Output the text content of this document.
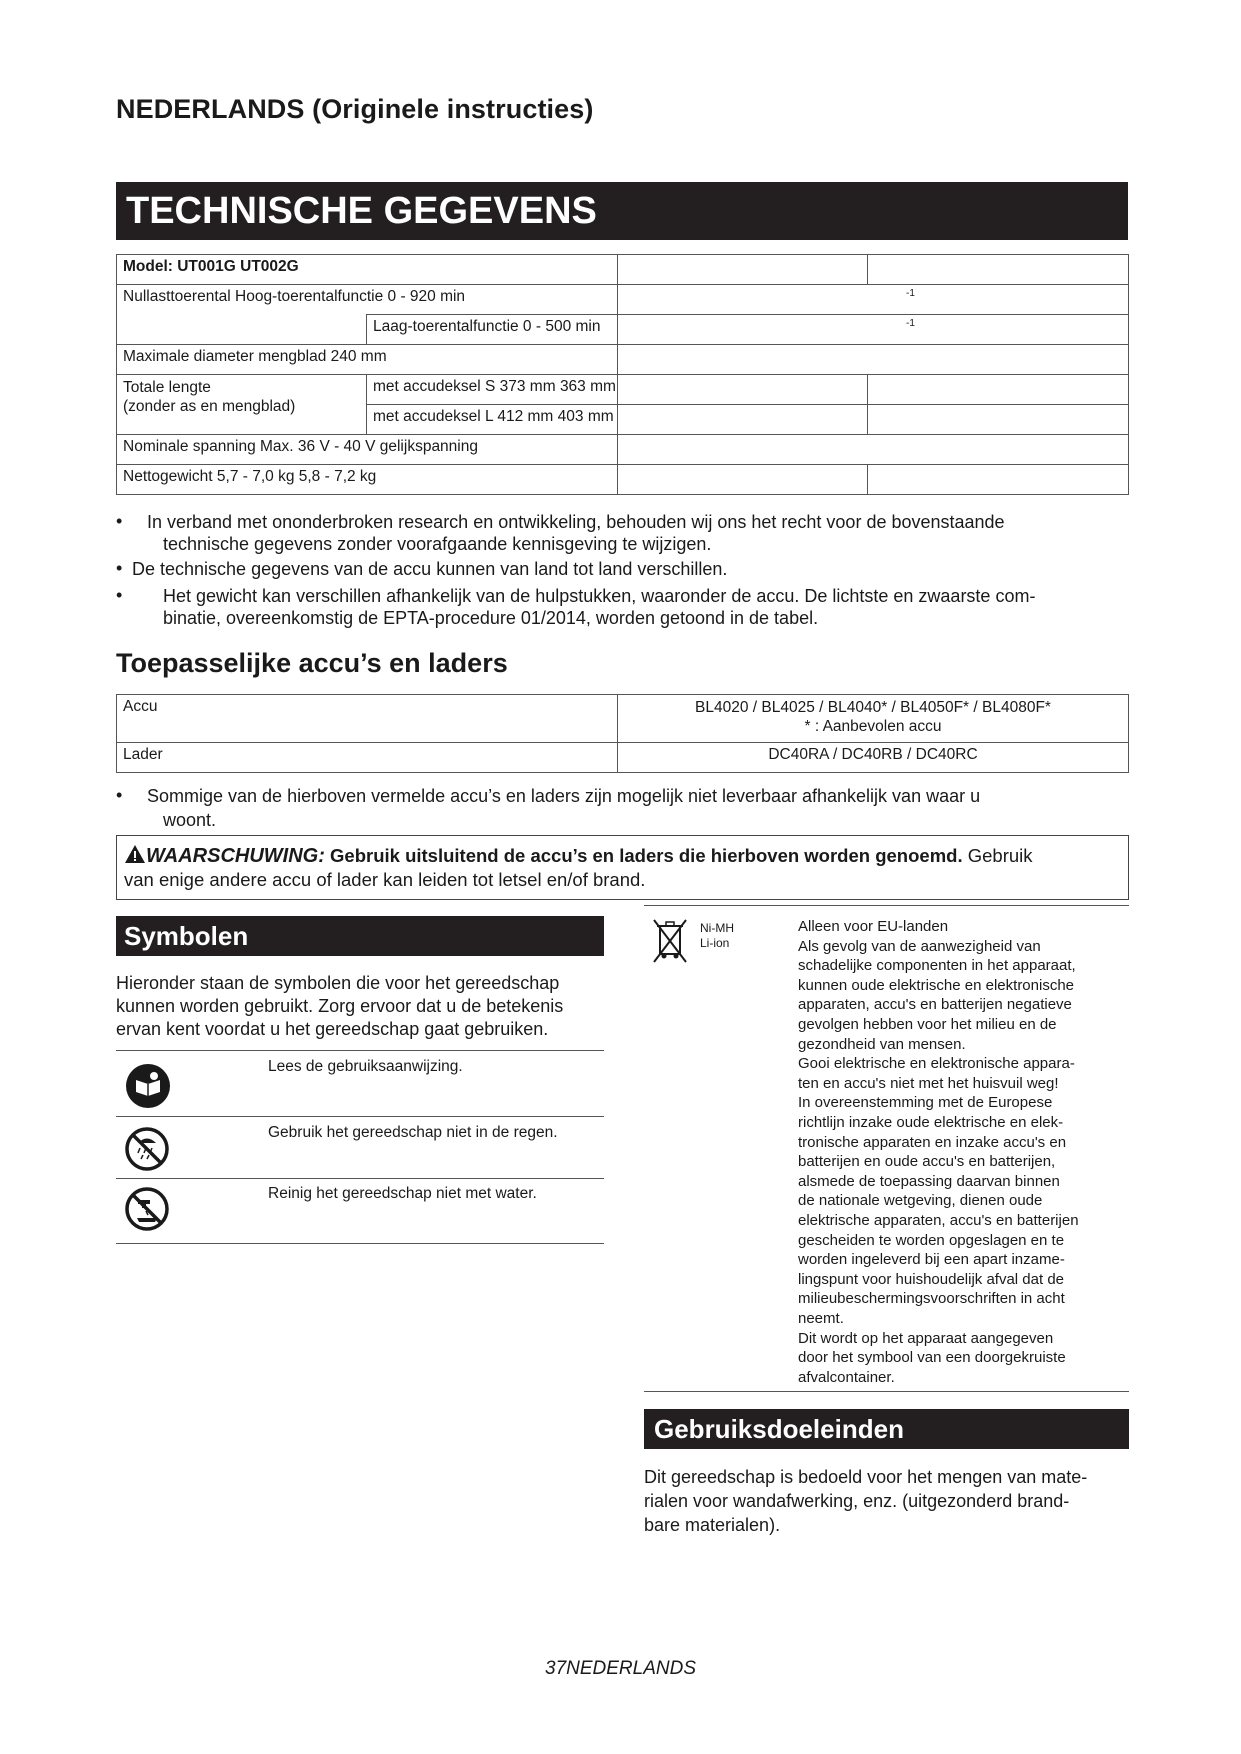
NEDERLANDS (Originele instructies)
TECHNISCHE GEGEVENS
Model: UT001G UT002G
Nullasttoerental Hoog-toerentalfunctie 0 - 920 min
Laag-toerentalfunctie 0 - 500 min
-1
-1
Maximale diameter mengblad 240 mm
Totale lengte
(zonder as en mengblad)
met accudeksel S 373 mm 363 mm
met accudeksel L 412 mm 403 mm
Nominale spanning Max. 36 V - 40 V gelijkspanning
Nettogewicht 5,7 - 7,0 kg 5,8 - 7,2 kg
• In verband met ononderbroken research en ontwikkeling, behouden wij ons het recht voor de bovenstaande
technische gegevens zonder voorafgaande kennisgeving te wijzigen.
• De technische gegevens van de accu kunnen van land tot land verschillen.
• Het gewicht kan verschillen afhankelijk van de hulpstukken, waaronder de accu. De lichtste en zwaarste com-
binatie, overeenkomstig de EPTA-procedure 01/2014, worden getoond in de tabel.
Toepasselijke accu’s en laders
Accu	BL4020 / BL4025 / BL4040* / BL4050F* / BL4080F*
* : Aanbevolen accu
Lader	DC40RA / DC40RB / DC40RC
• Sommige van de hierboven vermelde accu’s en laders zijn mogelijk niet leverbaar afhankelijk van waar u
woont.
WAARSCHUWING: Gebruik uitsluitend de accu’s en laders die hierboven worden genoemd. Gebruik
van enige andere accu of lader kan leiden tot letsel en/of brand.
Symbolen
Hieronder staan de symbolen die voor het gereedschap
kunnen worden gebruikt. Zorg ervoor dat u de betekenis
ervan kent voordat u het gereedschap gaat gebruiken.
Lees de gebruiksaanwijzing.
Gebruik het gereedschap niet in de regen.
Reinig het gereedschap niet met water.
Ni-MH
Li-ion
Alleen voor EU-landen
Als gevolg van de aanwezigheid van
schadelijke componenten in het apparaat,
kunnen oude elektrische en elektronische
apparaten, accu's en batterijen negatieve
gevolgen hebben voor het milieu en de
gezondheid van mensen.
Gooi elektrische en elektronische appara-
ten en accu's niet met het huisvuil weg!
In overeenstemming met de Europese
richtlijn inzake oude elektrische en elek-
tronische apparaten en inzake accu's en
batterijen en oude accu's en batterijen,
alsmede de toepassing daarvan binnen
de nationale wetgeving, dienen oude
elektrische apparaten, accu's en batterijen
gescheiden te worden opgeslagen en te
worden ingeleverd bij een apart inzame-
lingspunt voor huishoudelijk afval dat de
milieubeschermingsvoorschriften in acht
neemt.
Dit wordt op het apparaat aangegeven
door het symbool van een doorgekruiste
afvalcontainer.
Gebruiksdoeleinden
Dit gereedschap is bedoeld voor het mengen van mate-
rialen voor wandafwerking, enz. (uitgezonderd brand-
bare materialen).
37NEDERLANDS
